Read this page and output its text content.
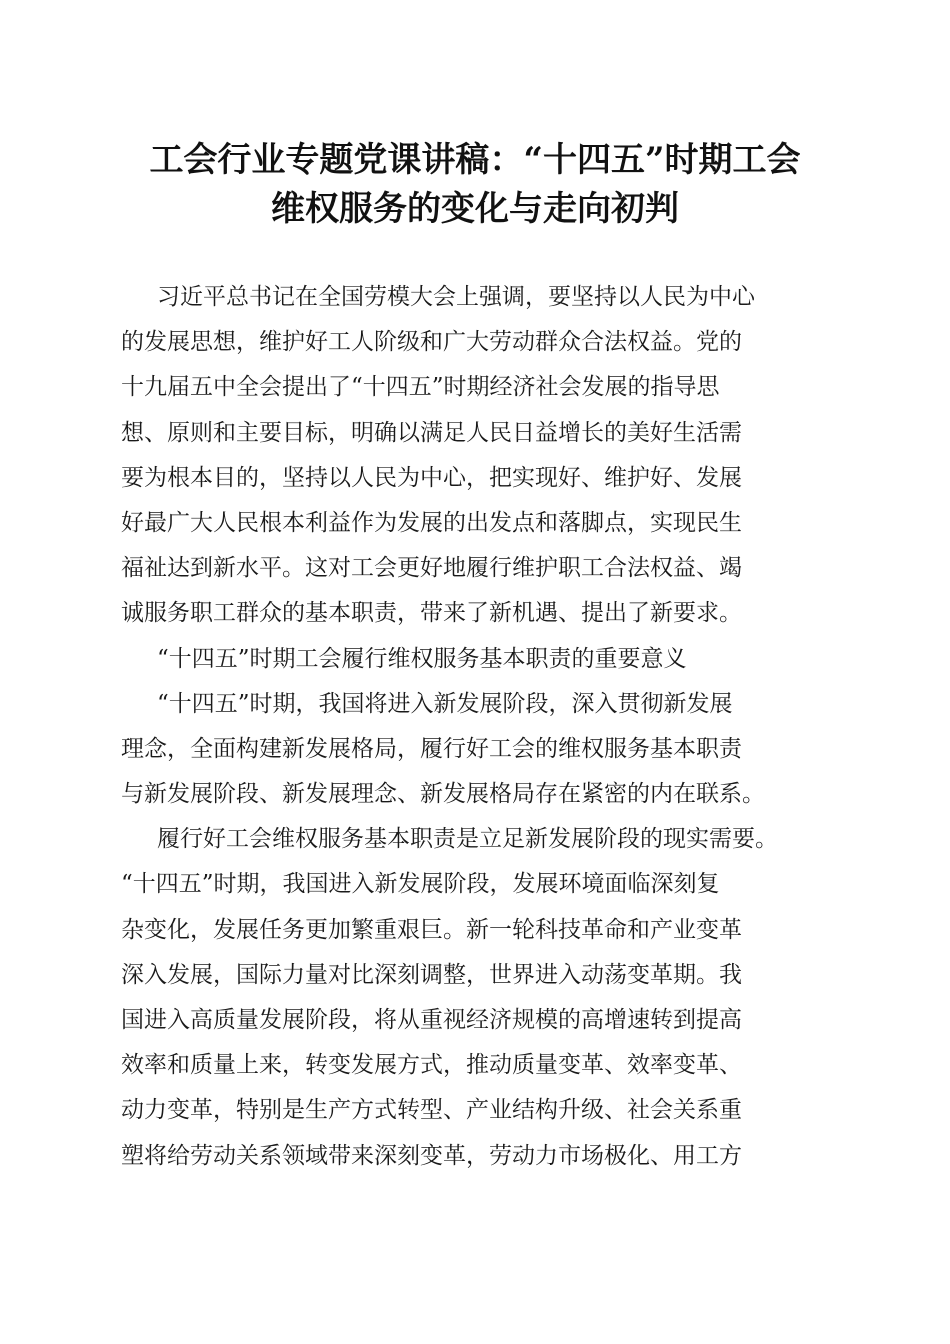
工会行业专题党课讲稿：“十四五”时期工会
维权服务的变化与走向初判
习近平总书记在全国劳模大会上强调，要坚持以人民为中心
的发展思想，维护好工人阶级和广大劳动群众合法权益。党的
十九届五中全会提出了“十四五”时期经济社会发展的指导思
想、原则和主要目标，明确以满足人民日益增长的美好生活需
要为根本目的，坚持以人民为中心，把实现好、维护好、发展
好最广大人民根本利益作为发展的出发点和落脚点，实现民生
福祉达到新水平。这对工会更好地履行维护职工合法权益、竭
诚服务职工群众的基本职责，带来了新机遇、提出了新要求。
“十四五”时期工会履行维权服务基本职责的重要意义
“十四五”时期，我国将进入新发展阶段，深入贯彻新发展
理念，全面构建新发展格局，履行好工会的维权服务基本职责
与新发展阶段、新发展理念、新发展格局存在紧密的内在联系。
履行好工会维权服务基本职责是立足新发展阶段的现实需要。
“十四五”时期，我国进入新发展阶段，发展环境面临深刻复
杂变化，发展任务更加繁重艰巨。新一轮科技革命和产业变革
深入发展，国际力量对比深刻调整，世界进入动荡变革期。我
国进入高质量发展阶段，将从重视经济规模的高增速转到提高
效率和质量上来，转变发展方式，推动质量变革、效率变革、
动力变革，特别是生产方式转型、产业结构升级、社会关系重
塑将给劳动关系领域带来深刻变革，劳动力市场极化、用工方
